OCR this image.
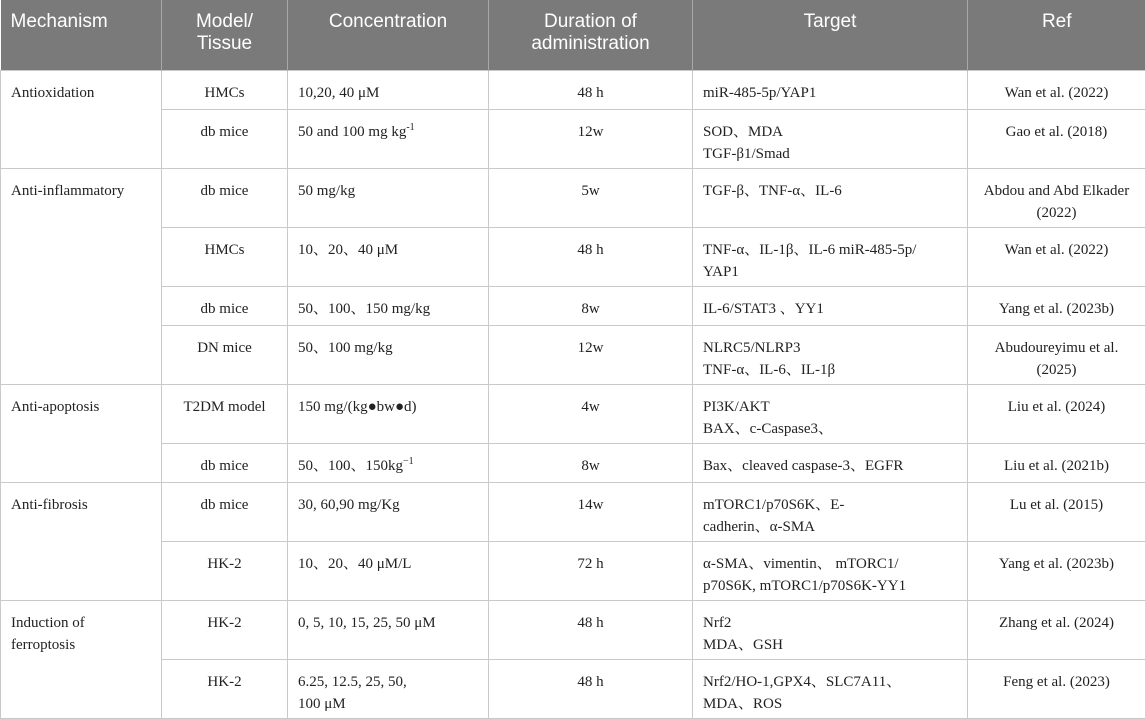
Mechanism	Model/
Tissue	Concentration	Duration of
administration	Target	Ref

Antioxidation	HMCs	10,20, 40 μM	48 h	miR-485-5p/YAP1	Wan et al. (2022)

	db mice	50 and 100 mg $kg^{-1}$	12w	SOD、MDA
TGF-β1/Smad	Gao et al. (2018)

Anti-inflammatory	db mice	50 mg/kg	5w	TGF-β、TNF-α、IL-6	Abdou and Abd Elkader
(2022)

	HMCs	10、20、40 μM	48 h	TNF-α、IL-1β、IL-6 miR-485-5p/
YAP1	Wan et al. (2022)

	db mice	50、100、150 mg/kg	8w	IL-6/STAT3 、YY1	Yang et al. (2023b)

	DN mice	50、100 mg/kg	12w	NLRC5/NLRP3
TNF-α、IL-6、IL-1β	Abudoureyimu et al.
(2025)

Anti-apoptosis	T2DM model	150 mg/(kg●bw●d)	4w	PI3K/AKT
BAX、c-Caspase3、	Liu et al. (2024)

	db mice	50、100、$150kg^{-1}$	8w	Bax、cleaved caspase-3、EGFR	Liu et al. (2021b)

Anti-fibrosis	db mice	30, 60,90 mg/Kg	14w	mTORC1/p70S6K、E-
cadherin、α-SMA	Lu et al. (2015)

	HK-2	10、20、40 μM/L	72 h	α-SMA、vimentin、 mTORC1/
p70S6K, mTORC1/p70S6K-YY1	Yang et al. (2023b)

Induction of
ferroptosis	HK-2	0, 5, 10, 15, 25, 50 μM	48 h	Nrf2
MDA、GSH	Zhang et al. (2024)

	HK-2	6.25, 12.5, 25, 50,
100 μM	48 h	Nrf2/HO-1,GPX4、SLC7A11、
MDA、ROS	Feng et al. (2023)
